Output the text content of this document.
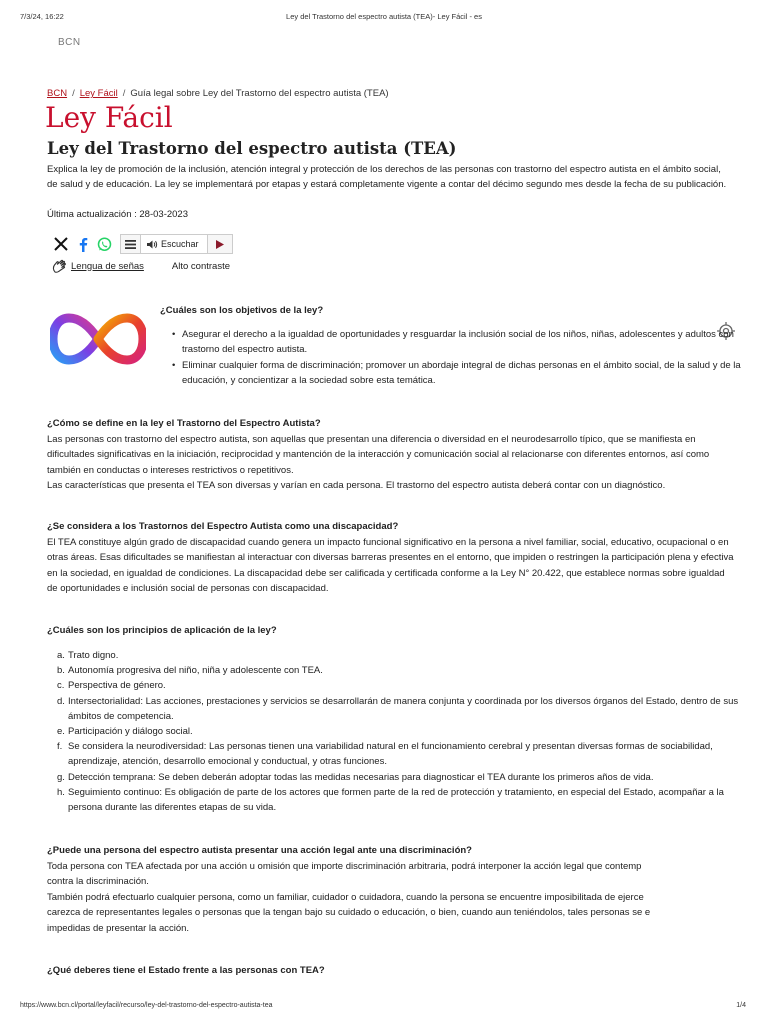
7/3/24, 16:22	Ley del Trastorno del espectro autista (TEA)- Ley Fácil - es
BCN
BCN / Ley Fácil / Guía legal sobre Ley del Trastorno del espectro autista (TEA)
Ley Fácil
Ley del Trastorno del espectro autista (TEA)

Explica la ley de promoción de la inclusión, atención integral y protección de los derechos de las personas con trastorno del espectro autista en el ámbito social, de salud y de educación. La ley se implementará por etapas y estará completamente vigente a contar del décimo segundo mes desde la fecha de su publicación.

Última actualización : 28-03-2023
Escuchar
Lengua de señas	Alto contraste
¿Cuáles son los objetivos de la ley?
• Asegurar el derecho a la igualdad de oportunidades y resguardar la inclusión social de los niños, niñas, adolescentes y adultos con trastorno del espectro autista.
• Eliminar cualquier forma de discriminación; promover un abordaje integral de dichas personas en el ámbito social, de la salud y de la educación, y concientizar a la sociedad sobre esta temática.
¿Cómo se define en la ley el Trastorno del Espectro Autista?

Las personas con trastorno del espectro autista, son aquellas que presentan una diferencia o diversidad en el neurodesarrollo típico, que se manifiesta en dificultades significativas en la iniciación, reciprocidad y mantención de la interacción y comunicación social al relacionarse con diferentes entornos, así como también en conductas o intereses restrictivos o repetitivos.

Las características que presenta el TEA son diversas y varían en cada persona. El trastorno del espectro autista deberá contar con un diagnóstico.

¿Se considera a los Trastornos del Espectro Autista como una discapacidad?

El TEA constituye algún grado de discapacidad cuando genera un impacto funcional significativo en la persona a nivel familiar, social, educativo, ocupacional o en otras áreas. Esas dificultades se manifiestan al interactuar con diversas barreras presentes en el entorno, que impiden o restringen la participación plena y efectiva en la sociedad, en igualdad de condiciones. La discapacidad debe ser calificada y certificada conforme a la Ley N° 20.422, que establece normas sobre igualdad de oportunidades e inclusión social de personas con discapacidad.

¿Cuáles son los principios de aplicación de la ley?
a. Trato digno.
b. Autonomía progresiva del niño, niña y adolescente con TEA.
c. Perspectiva de género.
d. Intersectorialidad: Las acciones, prestaciones y servicios se desarrollarán de manera conjunta y coordinada por los diversos órganos del Estado, dentro de sus ámbitos de competencia.
e. Participación y diálogo social.
f. Se considera la neurodiversidad: Las personas tienen una variabilidad natural en el funcionamiento cerebral y presentan diversas formas de sociabilidad, aprendizaje, atención, desarrollo emocional y conductual, y otras funciones.
g. Detección temprana: Se deben deberán adoptar todas las medidas necesarias para diagnosticar el TEA durante los primeros años de vida.
h. Seguimiento continuo: Es obligación de parte de los actores que formen parte de la red de protección y tratamiento, en especial del Estado, acompañar a la persona durante las diferentes etapas de su vida.
¿Puede una persona del espectro autista presentar una acción legal ante una discriminación?
Toda persona con TEA afectada por una acción u omisión que importe discriminación arbitraria, podrá interponer la acción legal que contemp
contra la discriminación.
También podrá efectuarlo cualquier persona, como un familiar, cuidador o cuidadora, cuando la persona se encuentre imposibilitada de ejerce
carezca de representantes legales o personas que la tengan bajo su cuidado o educación, o bien, cuando aun teniéndolos, tales personas se e
impedidas de presentar la acción.
¿Qué deberes tiene el Estado frente a las personas con TEA?
https://www.bcn.cl/portal/leyfacil/recurso/ley-del-trastorno-del-espectro-autista-tea	1/4
